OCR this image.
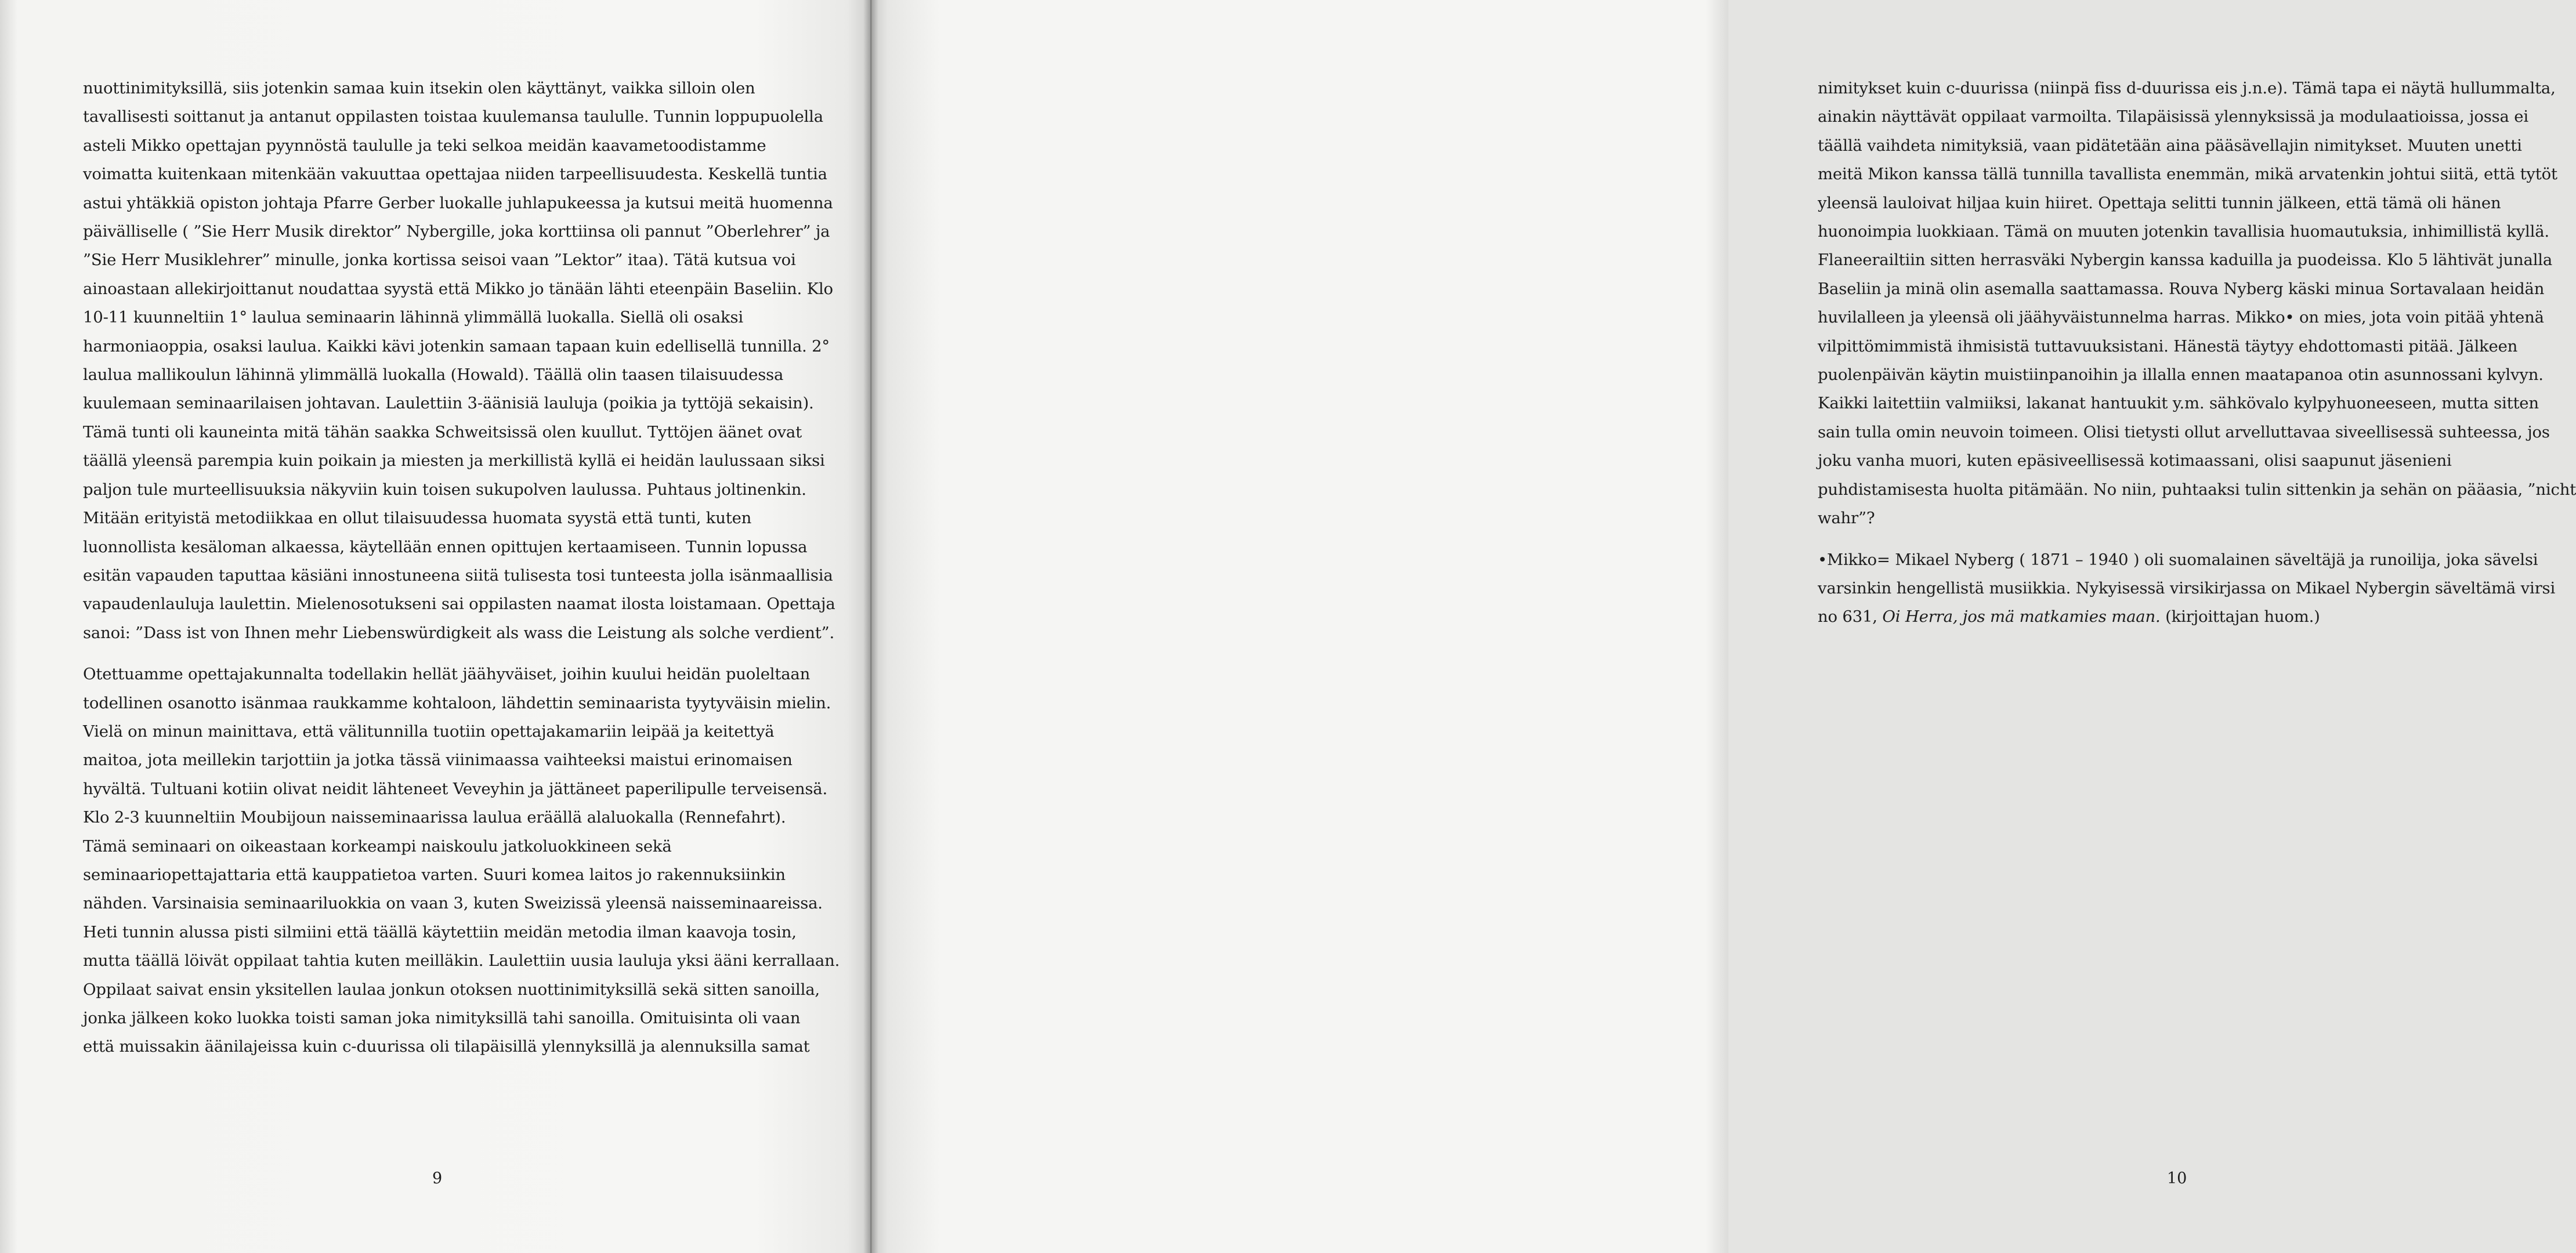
nuottinimityksillä, siis jotenkin samaa kuin itsekin olen käyttänyt, vaikka silloin olen
tavallisesti soittanut ja antanut oppilasten toistaa kuulemansa taululle. Tunnin loppupuolella
asteli Mikko opettajan pyynnöstä taululle ja teki selkoa meidän kaavametoodistamme
voimatta kuitenkaan mitenkään vakuuttaa opettajaa niiden tarpeellisuudesta. Keskellä tuntia
astui yhtäkkiä opiston johtaja Pfarre Gerber luokalle juhlapukeessa ja kutsui meitä huomenna
päivälliselle ( ”Sie Herr Musik direktor” Nybergille, joka korttiinsa oli pannut ”Oberlehrer” ja
”Sie Herr Musiklehrer” minulle, jonka kortissa seisoi vaan ”Lektor” itaa). Tätä kutsua voi
ainoastaan allekirjoittanut noudattaa syystä että Mikko jo tänään lähti eteenpäin Baseliin. Klo
10-11 kuunneltiin 1° laulua seminaarin lähinnä ylimmällä luokalla. Siellä oli osaksi
harmoniaoppia, osaksi laulua. Kaikki kävi jotenkin samaan tapaan kuin edellisellä tunnilla. 2°
laulua mallikoulun lähinnä ylimmällä luokalla (Howald). Täällä olin taasen tilaisuudessa
kuulemaan seminaarilaisen johtavan. Laulettiin 3-äänisiä lauluja (poikia ja tyttöjä sekaisin).
Tämä tunti oli kauneinta mitä tähän saakka Schweitsissä olen kuullut. Tyttöjen äänet ovat
täällä yleensä parempia kuin poikain ja miesten ja merkillistä kyllä ei heidän laulussaan siksi
paljon tule murteellisuuksia näkyviin kuin toisen sukupolven laulussa. Puhtaus joltinenkin.
Mitään erityistä metodiikkaa en ollut tilaisuudessa huomata syystä että tunti, kuten
luonnollista kesäloman alkaessa, käytellään ennen opittujen kertaamiseen. Tunnin lopussa
esitän vapauden taputtaa käsiäni innostuneena siitä tulisesta tosi tunteesta jolla isänmaallisia
vapaudenlauluja laulettin. Mielenosotukseni sai oppilasten naamat ilosta loistamaan. Opettaja
sanoi: ”Dass ist von Ihnen mehr Liebenswürdigkeit als wass die Leistung als solche verdient”.
Otettuamme opettajakunnalta todellakin hellät jäähyväiset, joihin kuului heidän puoleltaan
todellinen osanotto isänmaa raukkamme kohtaloon, lähdettin seminaarista tyytyväisin mielin.
Vielä on minun mainittava, että välitunnilla tuotiin opettajakamariin leipää ja keitettyä
maitoa, jota meillekin tarjottiin ja jotka tässä viinimaassa vaihteeksi maistui erinomaisen
hyvältä. Tultuani kotiin olivat neidit lähteneet Veveyhin ja jättäneet paperilipulle terveisensä.
Klo 2-3 kuunneltiin Moubijoun naisseminaarissa laulua eräällä alaluokalla (Rennefahrt).
Tämä seminaari on oikeastaan korkeampi naiskoulu jatkoluokkineen sekä
seminaariopettajattaria että kauppatietoa varten. Suuri komea laitos jo rakennuksiinkin
nähden. Varsinaisia seminaariluokkia on vaan 3, kuten Sweizissä yleensä naisseminaareissa.
Heti tunnin alussa pisti silmiini että täällä käytettiin meidän metodia ilman kaavoja tosin,
mutta täällä löivät oppilaat tahtia kuten meilläkin. Laulettiin uusia lauluja yksi ääni kerrallaan.
Oppilaat saivat ensin yksitellen laulaa jonkun otoksen nuottinimityksillä sekä sitten sanoilla,
jonka jälkeen koko luokka toisti saman joka nimityksillä tahi sanoilla. Omituisinta oli vaan
että muissakin äänilajeissa kuin c-duurissa oli tilapäisillä ylennyksillä ja alennuksilla samat
9
nimitykset kuin c-duurissa (niinpä fiss d-duurissa eis j.n.e). Tämä tapa ei näytä hullummalta,
ainakin näyttävät oppilaat varmoilta. Tilapäisissä ylennyksissä ja modulaatioissa, jossa ei
täällä vaihdeta nimityksiä, vaan pidätetään aina pääsävellajin nimitykset. Muuten unetti
meitä Mikon kanssa tällä tunnilla tavallista enemmän, mikä arvatenkin johtui siitä, että tytöt
yleensä lauloivat hiljaa kuin hiiret. Opettaja selitti tunnin jälkeen, että tämä oli hänen
huonoimpia luokkiaan. Tämä on muuten jotenkin tavallisia huomautuksia, inhimillistä kyllä.
Flaneerailtiin sitten herrasväki Nybergin kanssa kaduilla ja puodeissa. Klo 5 lähtivät junalla
Baseliin ja minä olin asemalla saattamassa. Rouva Nyberg käski minua Sortavalaan heidän
huvilalleen ja yleensä oli jäähyväistunnelma harras. Mikko• on mies, jota voin pitää yhtenä
vilpittömimmistä ihmisistä tuttavuuksistani. Hänestä täytyy ehdottomasti pitää. Jälkeen
puolenpäivän käytin muistiinpanoihin ja illalla ennen maatapanoa otin asunnossani kylvyn.
Kaikki laitettiin valmiiksi, lakanat hantuukit y.m. sähkövalo kylpyhuoneeseen, mutta sitten
sain tulla omin neuvoin toimeen. Olisi tietysti ollut arvelluttavaa siveellisessä suhteessa, jos
joku vanha muori, kuten epäsiveellisessä kotimaassani, olisi saapunut jäsenieni
puhdistamisesta huolta pitämään. No niin, puhtaaksi tulin sittenkin ja sehän on pääasia, ”nicht
wahr”?
•Mikko= Mikael Nyberg ( 1871 – 1940 ) oli suomalainen säveltäjä ja runoilija, joka sävelsi
varsinkin hengellistä musiikkia. Nykyisessä virsikirjassa on Mikael Nybergin säveltämä virsi
no 631, Oi Herra, jos mä matkamies maan. (kirjoittajan huom.)
10
